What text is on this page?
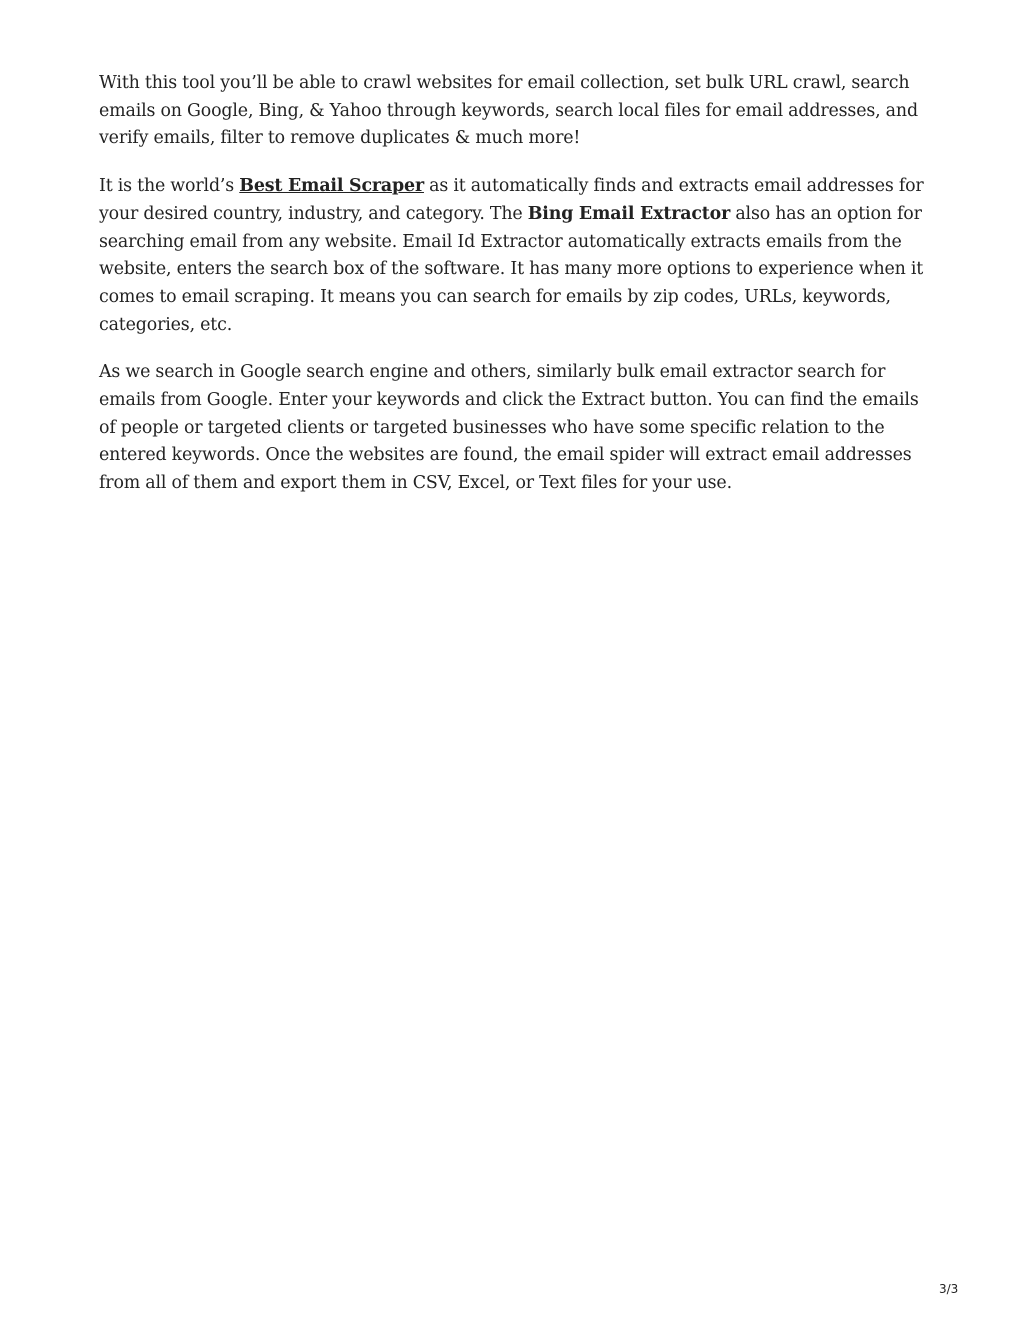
With this tool you’ll be able to crawl websites for email collection, set bulk URL crawl, search emails on Google, Bing, & Yahoo through keywords, search local files for email addresses, and verify emails, filter to remove duplicates & much more!

It is the world’s Best Email Scraper as it automatically finds and extracts email addresses for your desired country, industry, and category. The Bing Email Extractor also has an option for searching email from any website. Email Id Extractor automatically extracts emails from the website, enters the search box of the software. It has many more options to experience when it comes to email scraping. It means you can search for emails by zip codes, URLs, keywords, categories, etc.

As we search in Google search engine and others, similarly bulk email extractor search for emails from Google. Enter your keywords and click the Extract button. You can find the emails of people or targeted clients or targeted businesses who have some specific relation to the entered keywords. Once the websites are found, the email spider will extract email addresses from all of them and export them in CSV, Excel, or Text files for your use.

3/3
